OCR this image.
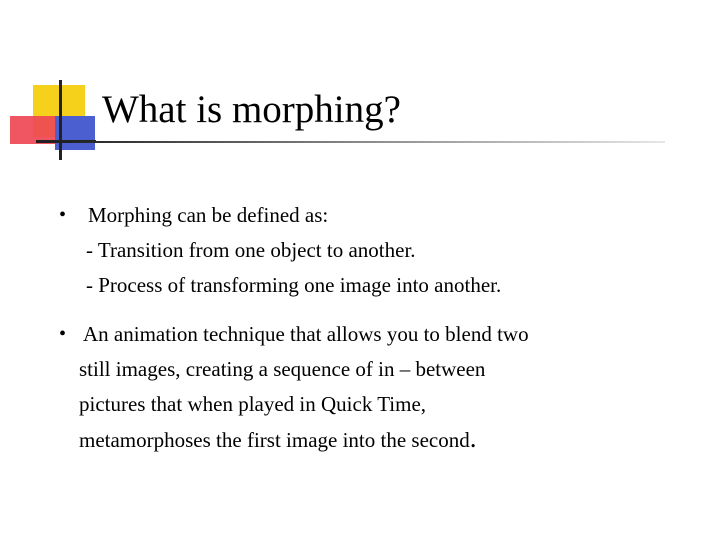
What is morphing?
• Morphing can be defined as:
- Transition from one object to another.
- Process of transforming one image into another.
• An animation technique that allows you to blend two
still images, creating a sequence of in – between
pictures that when played in Quick Time,
metamorphoses the first image into the second.
